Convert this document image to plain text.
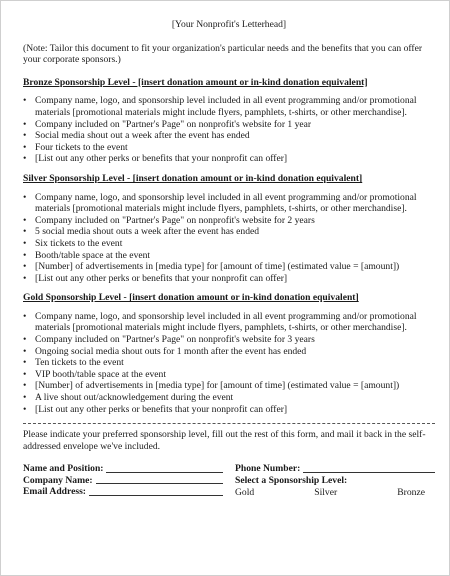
[Your Nonprofit's Letterhead]
(Note: Tailor this document to fit your organization's particular needs and the benefits that you can offer your corporate sponsors.)
Bronze Sponsorship Level - [insert donation amount or in-kind donation equivalent]
• Company name, logo, and sponsorship level included in all event programming and/or promotional materials [promotional materials might include flyers, pamphlets, t-shirts, or other merchandise].
• Company included on "Partner's Page" on nonprofit's website for 1 year
• Social media shout out a week after the event has ended
• Four tickets to the event
• [List out any other perks or benefits that your nonprofit can offer]
Silver Sponsorship Level - [insert donation amount or in-kind donation equivalent]
• Company name, logo, and sponsorship level included in all event programming and/or promotional materials [promotional materials might include flyers, pamphlets, t-shirts, or other merchandise].
• Company included on "Partner's Page" on nonprofit's website for 2 years
• 5 social media shout outs a week after the event has ended
• Six tickets to the event
• Booth/table space at the event
• [Number] of advertisements in [media type] for [amount of time] (estimated value = [amount])
• [List out any other perks or benefits that your nonprofit can offer]
Gold Sponsorship Level - [insert donation amount or in-kind donation equivalent]
• Company name, logo, and sponsorship level included in all event programming and/or promotional materials [promotional materials might include flyers, pamphlets, t-shirts, or other merchandise].
• Company included on "Partner's Page" on nonprofit's website for 3 years
• Ongoing social media shout outs for 1 month after the event has ended
• Ten tickets to the event
• VIP booth/table space at the event
• [Number] of advertisements in [media type] for [amount of time] (estimated value = [amount])
• A live shout out/acknowledgement during the event
• [List out any other perks or benefits that your nonprofit can offer]
Please indicate your preferred sponsorship level, fill out the rest of this form, and mail it back in the self-addressed envelope we've included.
Name and Position:
Company Name:
Email Address:
Phone Number:
Select a Sponsorship Level:
Gold	Silver	Bronze
